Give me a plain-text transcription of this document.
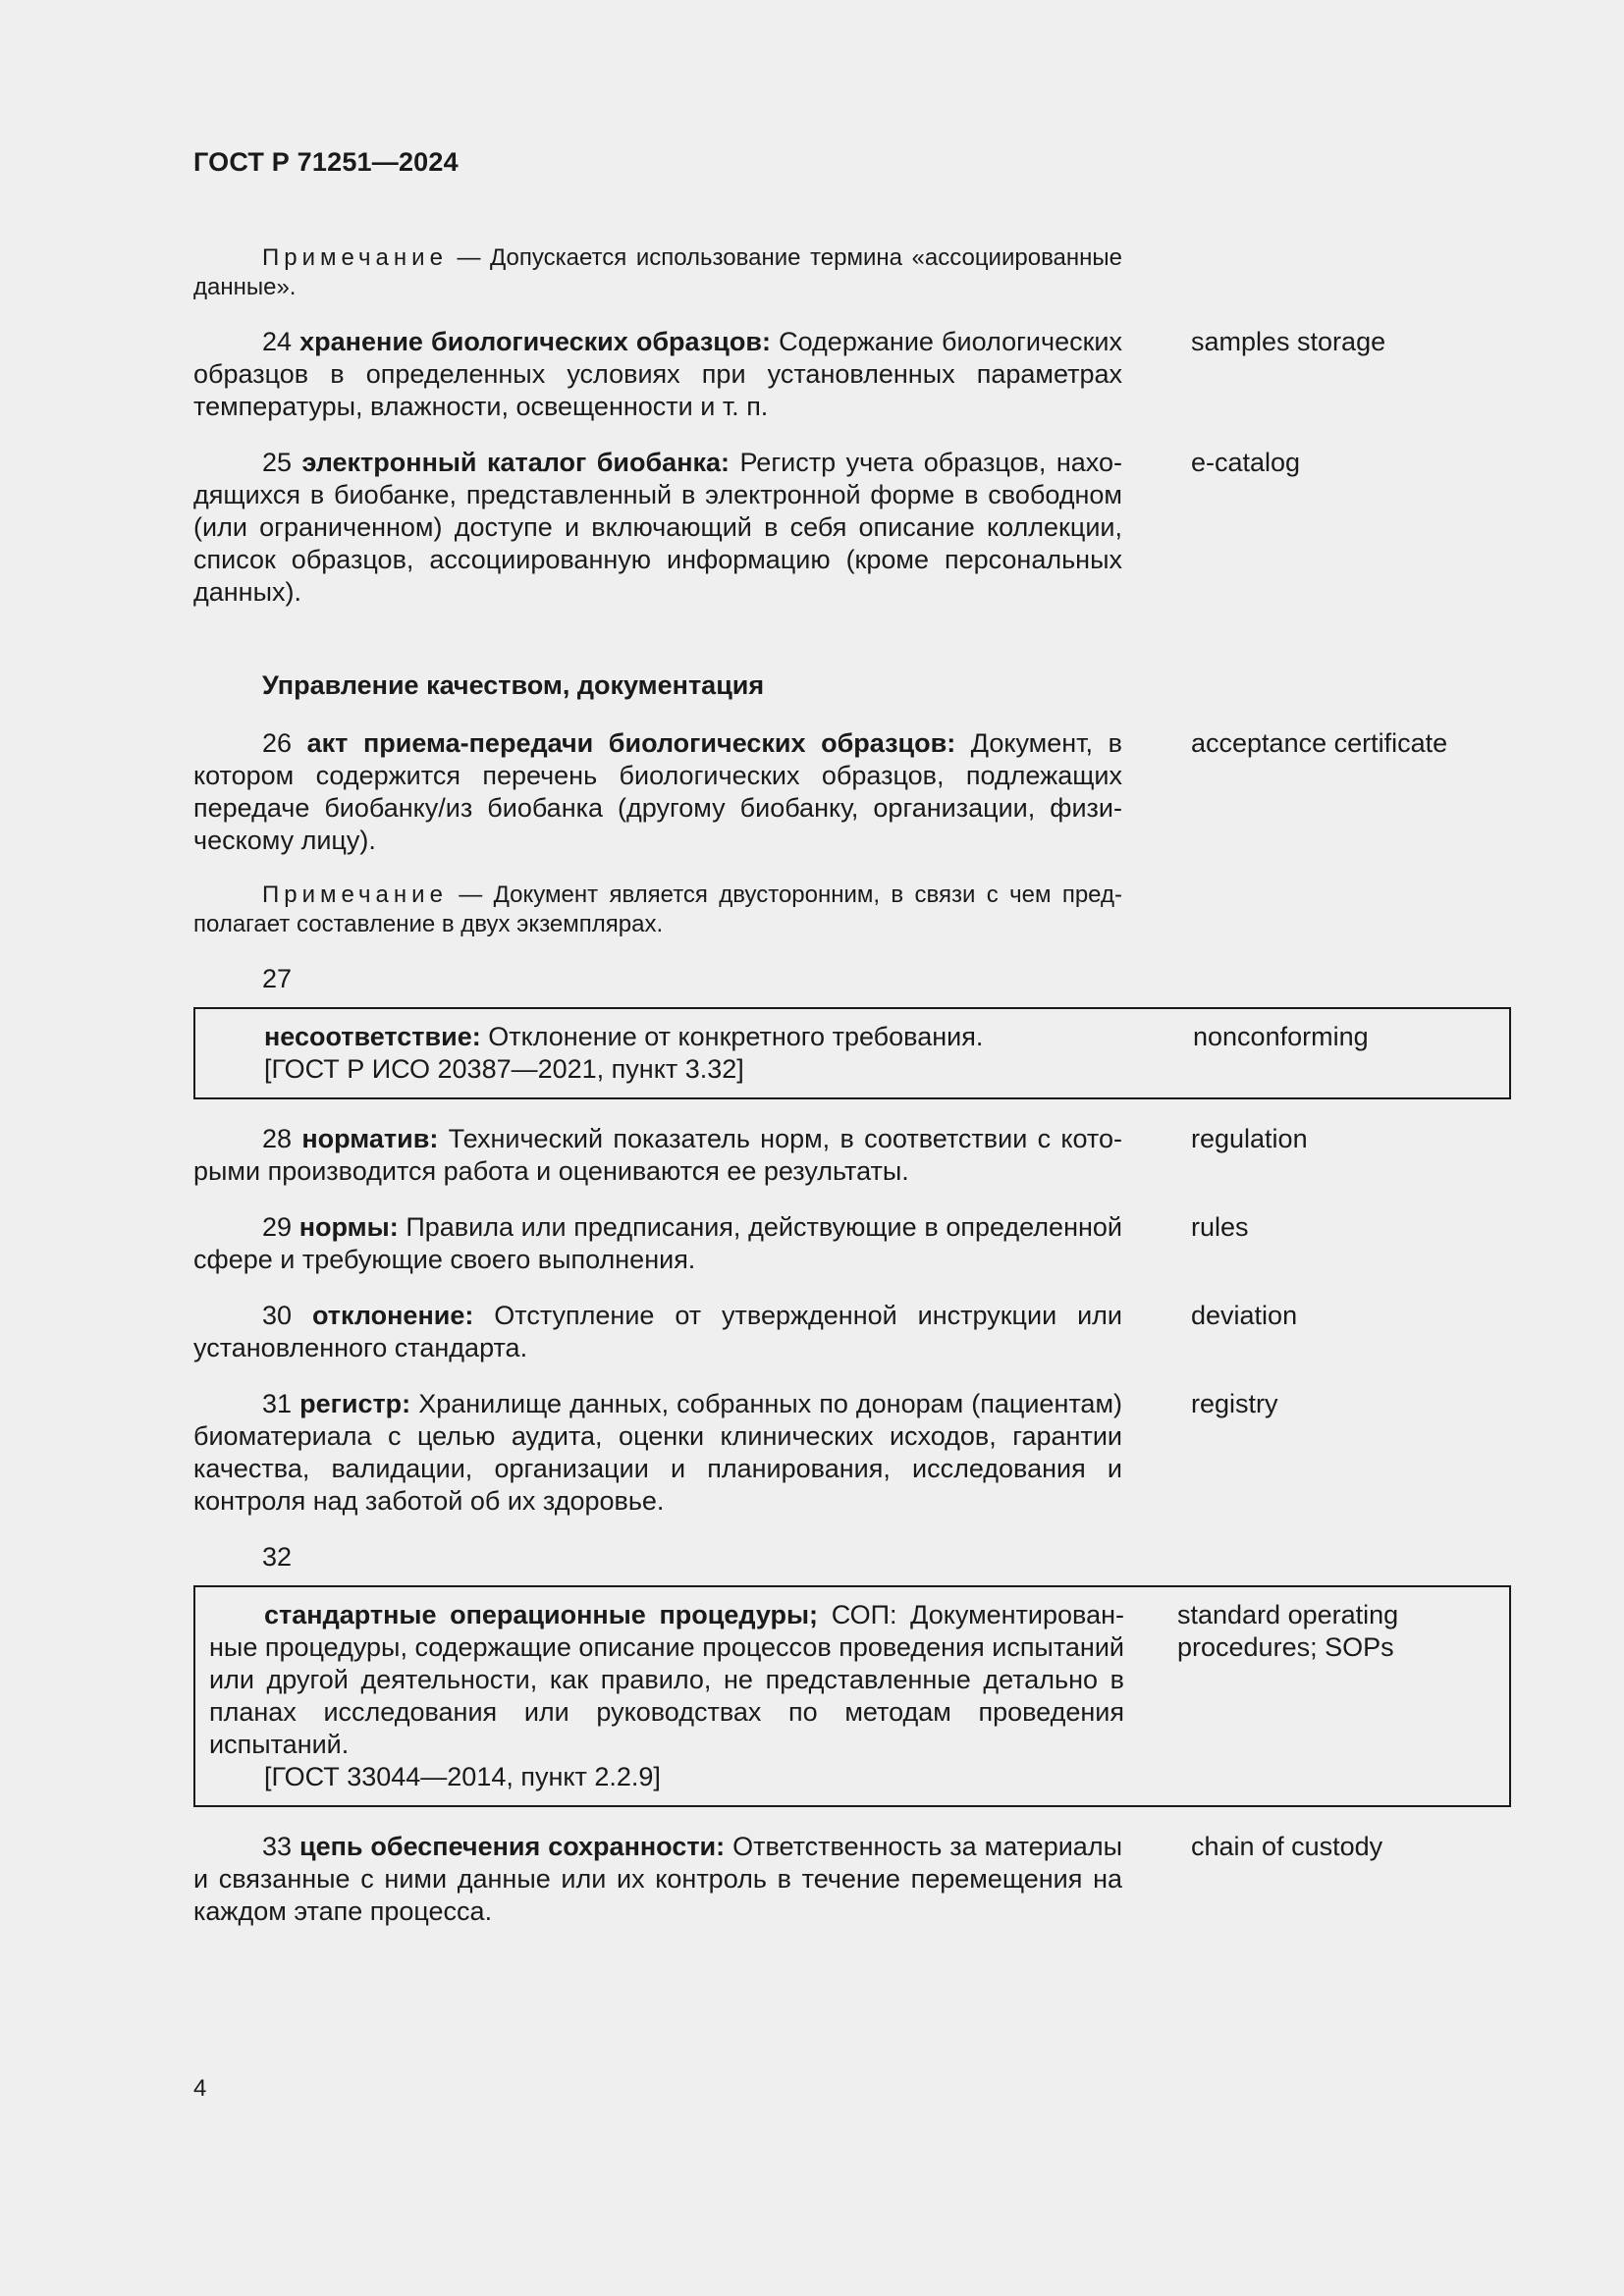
ГОСТ Р 71251—2024
Примечание — Допускается использование термина «ассоциированные данные».
24 хранение биологических образцов: Содержание биологических образцов в определенных условиях при установленных параметрах температуры, влажности, освещенности и т. п.
samples storage
25 электронный каталог биобанка: Регистр учета образцов, находящихся в биобанке, представленный в электронной форме в свободном (или ограниченном) доступе и включающий в себя описание коллекции, список образцов, ассоциированную информацию (кроме персональных данных).
e-catalog
Управление качеством, документация
26 акт приема-передачи биологических образцов: Документ, в котором содержится перечень биологических образцов, подлежащих передаче биобанку/из биобанка (другому биобанку, организации, физическому лицу).
acceptance certificate
Примечание — Документ является двусторонним, в связи с чем предполагает составление в двух экземплярах.
27
несоответствие: Отклонение от конкретного требования.
[ГОСТ Р ИСО 20387—2021, пункт 3.32]
nonconforming
28 норматив: Технический показатель норм, в соответствии с которыми производится работа и оцениваются ее результаты.
regulation
29 нормы: Правила или предписания, действующие в определенной сфере и требующие своего выполнения.
rules
30 отклонение: Отступление от утвержденной инструкции или установленного стандарта.
deviation
31 регистр: Хранилище данных, собранных по донорам (пациентам) биоматериала с целью аудита, оценки клинических исходов, гарантии качества, валидации, организации и планирования, исследования и контроля над заботой об их здоровье.
registry
32
стандартные операционные процедуры; СОП: Документированные процедуры, содержащие описание процессов проведения испытаний или другой деятельности, как правило, не представленные детально в планах исследования или руководствах по методам проведения испытаний.
[ГОСТ 33044—2014, пункт 2.2.9]
standard operating procedures; SOPs
33 цепь обеспечения сохранности: Ответственность за материалы и связанные с ними данные или их контроль в течение перемещения на каждом этапе процесса.
chain of custody
4
